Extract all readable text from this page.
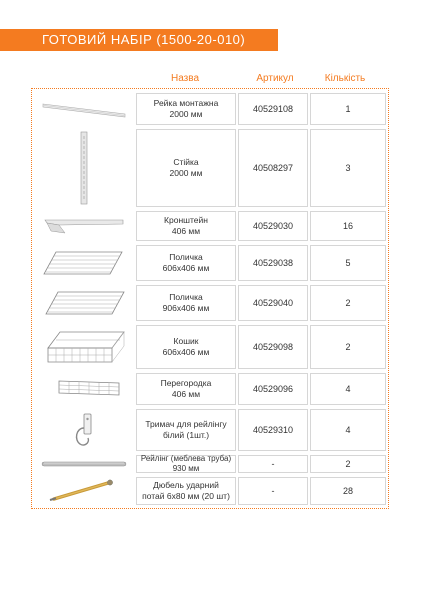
ГОТОВИЙ НАБІР (1500-20-010)
Назва	Артикул	Кількість
Рейка монтажна
2000 мм
40529108	1
Стійка
2000 мм
40508297	3
Кронштейн
406 мм
40529030	16
Поличка
606х406 мм
40529038	5
Поличка
906х406 мм
40529040	2
Кошик
606х406 мм
40529098	2
Перегородка
406 мм
40529096	4
Тримач для рейлінгу
білий (1шт.)
40529310	4
Рейлінг (меблева труба)
930 мм	-	2
Дюбель ударний
потай 6х80 мм (20 шт)
-	28
